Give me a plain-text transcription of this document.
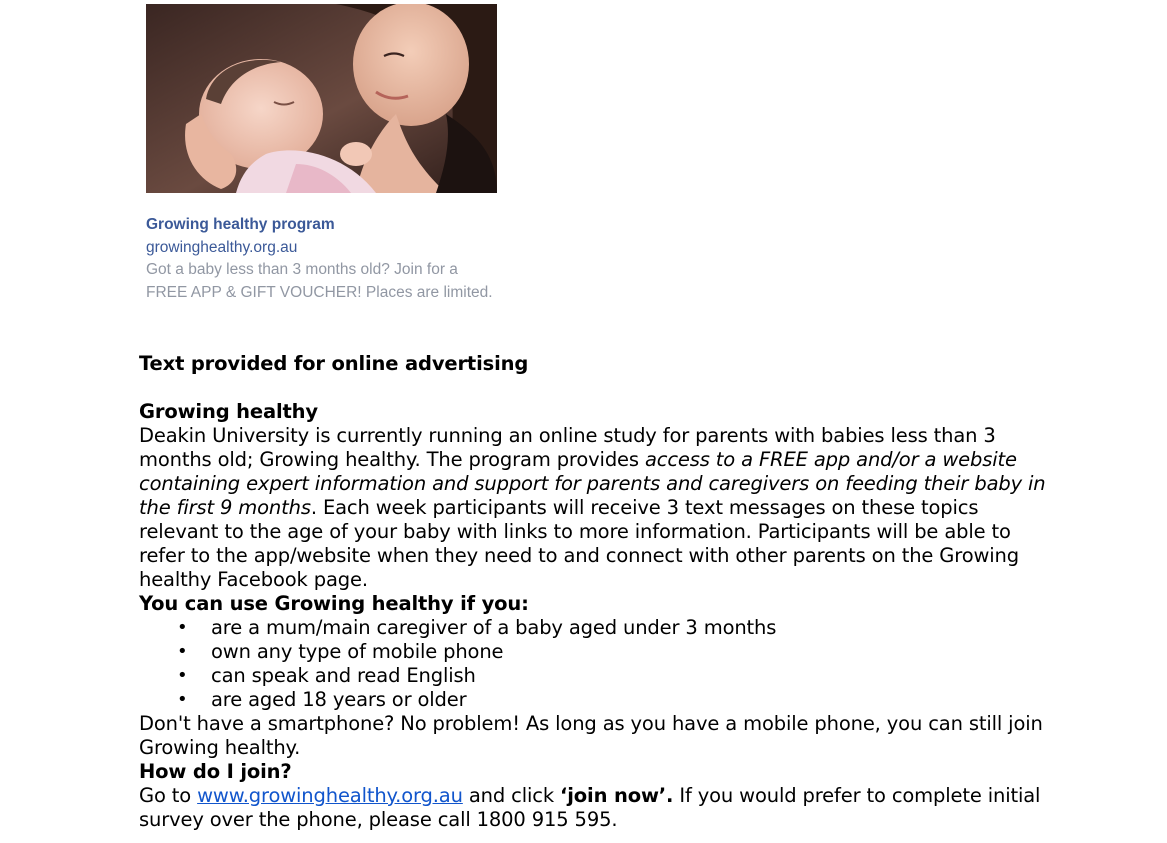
Growing healthy program
growinghealthy.org.au
Got a baby less than 3 months old? Join for a FREE APP & GIFT VOUCHER! Places are limited.

Text provided for online advertising

Growing healthy

Deakin University is currently running an online study for parents with babies less than 3 months old; Growing healthy. The program provides access to a FREE app and/or a website containing expert information and support for parents and caregivers on feeding their baby in the first 9 months. Each week participants will receive 3 text messages on these topics relevant to the age of your baby with links to more information. Participants will be able to refer to the app/website when they need to and connect with other parents on the Growing healthy Facebook page.

You can use Growing healthy if you:

• are a mum/main caregiver of a baby aged under 3 months
• own any type of mobile phone
• can speak and read English
• are aged 18 years or older

Don't have a smartphone? No problem! As long as you have a mobile phone, you can still join Growing healthy.

How do I join?

Go to www.growinghealthy.org.au and click ‘join now’. If you would prefer to complete initial survey over the phone, please call 1800 915 595.
